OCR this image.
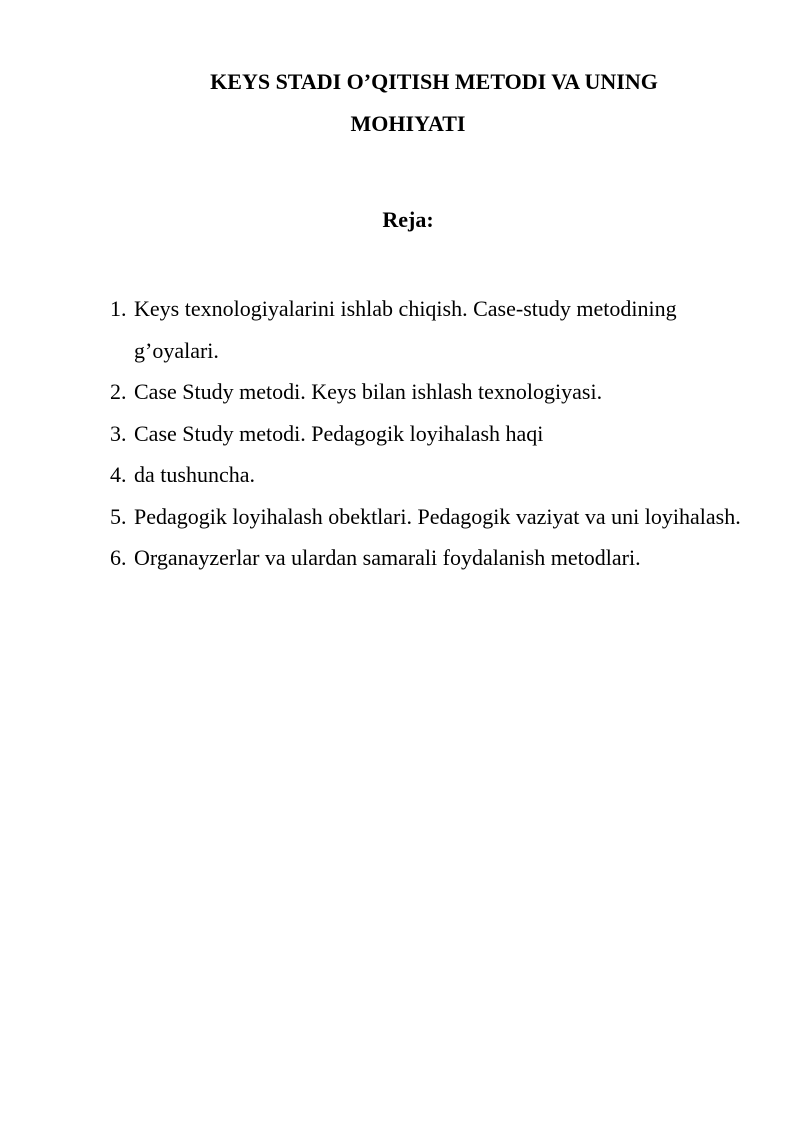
KEYS STADI O’QITISH METODI VA UNING
MOHIYATI
Reja:
1. Keys texnologiyalarini ishlab chiqish. Case-study metodining g’oyalari.
2. Case Study metodi. Keys bilan ishlash texnologiyasi.
3. Case Study metodi. Pedagogik loyihalash haqi
4. da tushuncha.
5. Pedagogik loyihalash obektlari. Pedagogik vaziyat va uni loyihalash.
6. Organayzerlar va ulardan samarali foydalanish metodlari.
